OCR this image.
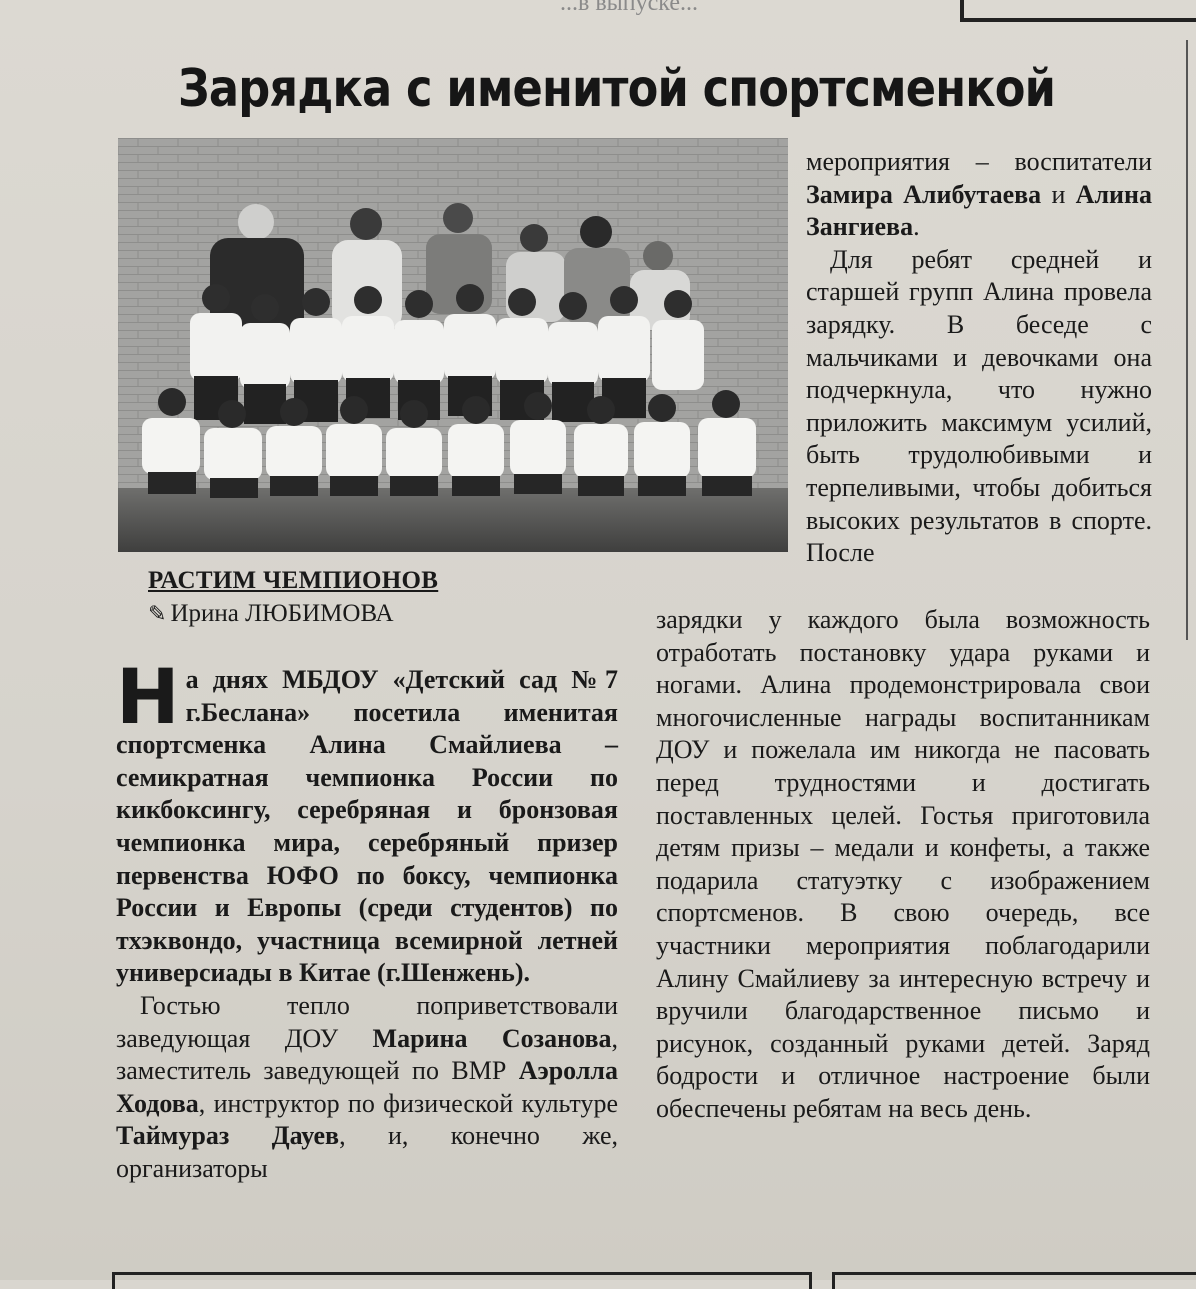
...в выпуске...
Зарядка с именитой спортсменкой

мероприятия – воспитатели Замира Алибутаева и Алина Зангиева.

Для ребят средней и старшей групп Алина провела зарядку. В беседе с мальчиками и девочками она подчеркнула, что нужно приложить максимум усилий, быть трудолюбивыми и терпеливыми, чтобы добиться высоких результатов в спорте. После

РАСТИМ ЧЕМПИОНОВ
✎ Ирина ЛЮБИМОВА	зарядки у каждого была возможность отработать постановку удара руками и ногами. Алина продемонстрировала свои многочисленные награды воспитанникам ДОУ и пожелала им никогда не пасовать перед трудностями и достигать поставленных целей. Гостья приготовила детям призы – медали и конфеты, а также подарила статуэтку с изображением спортсменов. В свою очередь, все участники мероприятия поблагодарили Алину Смайлиеву за интересную встречу и вручили благодарственное письмо и рисунок, созданный руками детей. Заряд бодрости и отличное настроение были обеспечены ребятам на весь день.

На днях МБДОУ «Детский сад №7 г.Беслана» посетила именитая спортсменка Алина Смайлиева – семикратная чемпионка России по кикбоксингу, серебряная и бронзовая чемпионка мира, серебряный призер первенства ЮФО по боксу, чемпионка России и Европы (среди студентов) по тхэквондо, участница всемирной летней универсиады в Китае (г.Шенжень).

Гостью тепло поприветствовали заведующая ДОУ Марина Созанова, заместитель заведующей по ВМР Аэролла Ходова, инструктор по физической культуре Таймураз Дауев, и, конечно же, организаторы
